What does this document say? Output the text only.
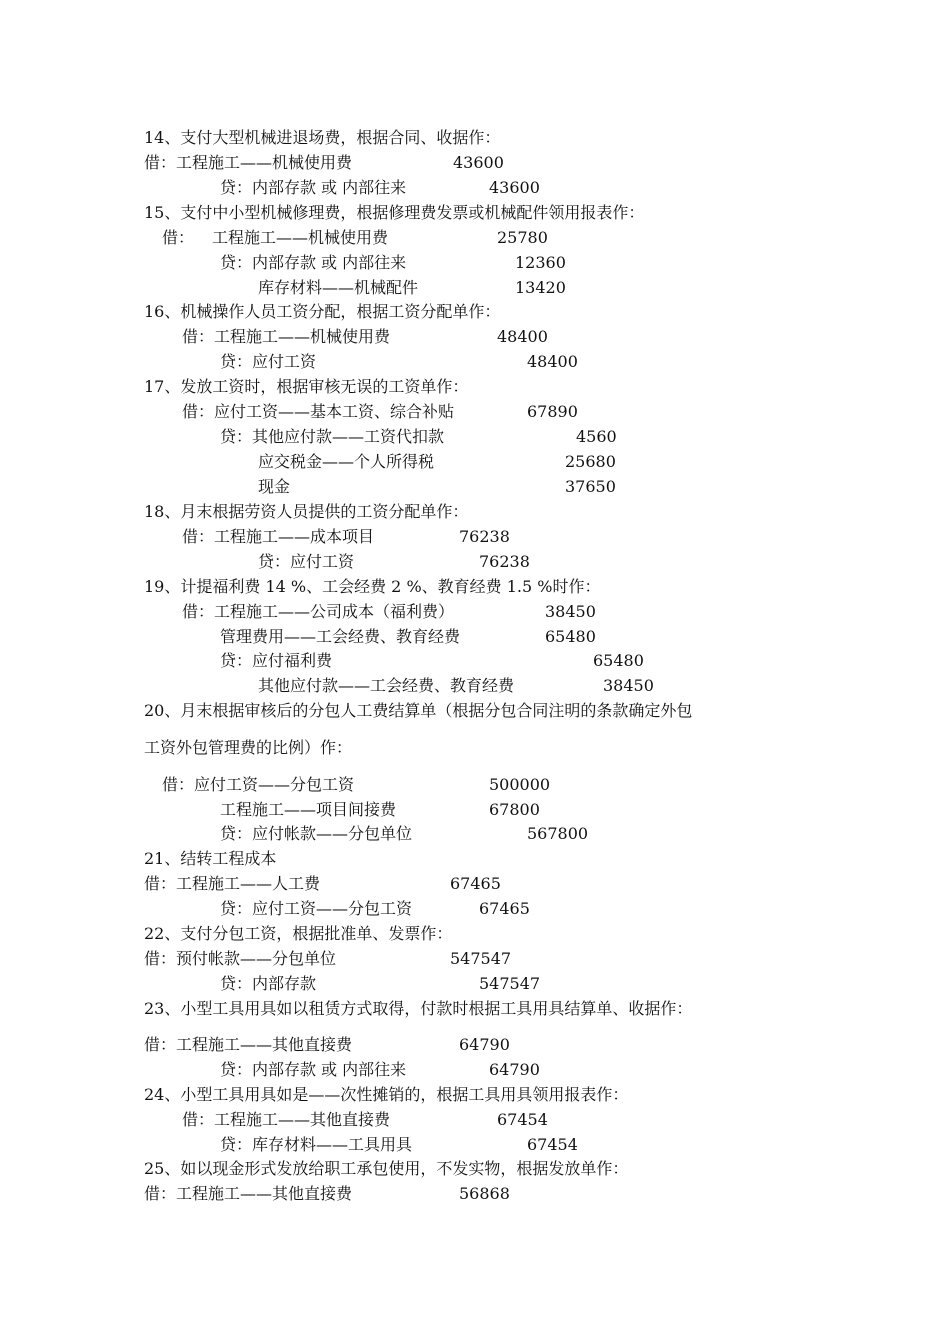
14、支付大型机械进退场费，根据合同、收据作：
借：工程施工——机械使用费	43600
贷：内部存款 或 内部往来	43600
15、支付中小型机械修理费，根据修理费发票或机械配件领用报表作：
借： 工程施工——机械使用费	25780
贷：内部存款 或 内部往来	12360
库存材料——机械配件	13420
16、机械操作人员工资分配，根据工资分配单作：
借：工程施工——机械使用费	48400
贷：应付工资	48400
17、发放工资时，根据审核无误的工资单作：
借：应付工资——基本工资、综合补贴	67890
贷：其他应付款——工资代扣款	4560
应交税金——个人所得税	25680
现金	37650
18、月末根据劳资人员提供的工资分配单作：
借：工程施工——成本项目	76238
贷：应付工资	76238
19、计提福利费 14 %、工会经费 2 %、教育经费 1.5 %时作：
借：工程施工——公司成本（福利费）	38450
管理费用——工会经费、教育经费	65480
贷：应付福利费	65480
其他应付款——工会经费、教育经费	38450
20、月末根据审核后的分包人工费结算单（根据分包合同注明的条款确定外包
工资外包管理费的比例）作：
借：应付工资——分包工资	500000
工程施工——项目间接费	67800
贷：应付帐款——分包单位	567800
21、结转工程成本
借：工程施工——人工费	67465
贷：应付工资——分包工资	67465
22、支付分包工资，根据批准单、发票作：
借：预付帐款——分包单位	547547
贷：内部存款	547547
23、小型工具用具如以租赁方式取得，付款时根据工具用具结算单、收据作：
借：工程施工——其他直接费	64790
贷：内部存款 或 内部往来	64790
24、小型工具用具如是——次性摊销的，根据工具用具领用报表作：
借：工程施工——其他直接费	67454
贷：库存材料——工具用具	67454
25、如以现金形式发放给职工承包使用，不发实物，根据发放单作：
借：工程施工——其他直接费	56868
